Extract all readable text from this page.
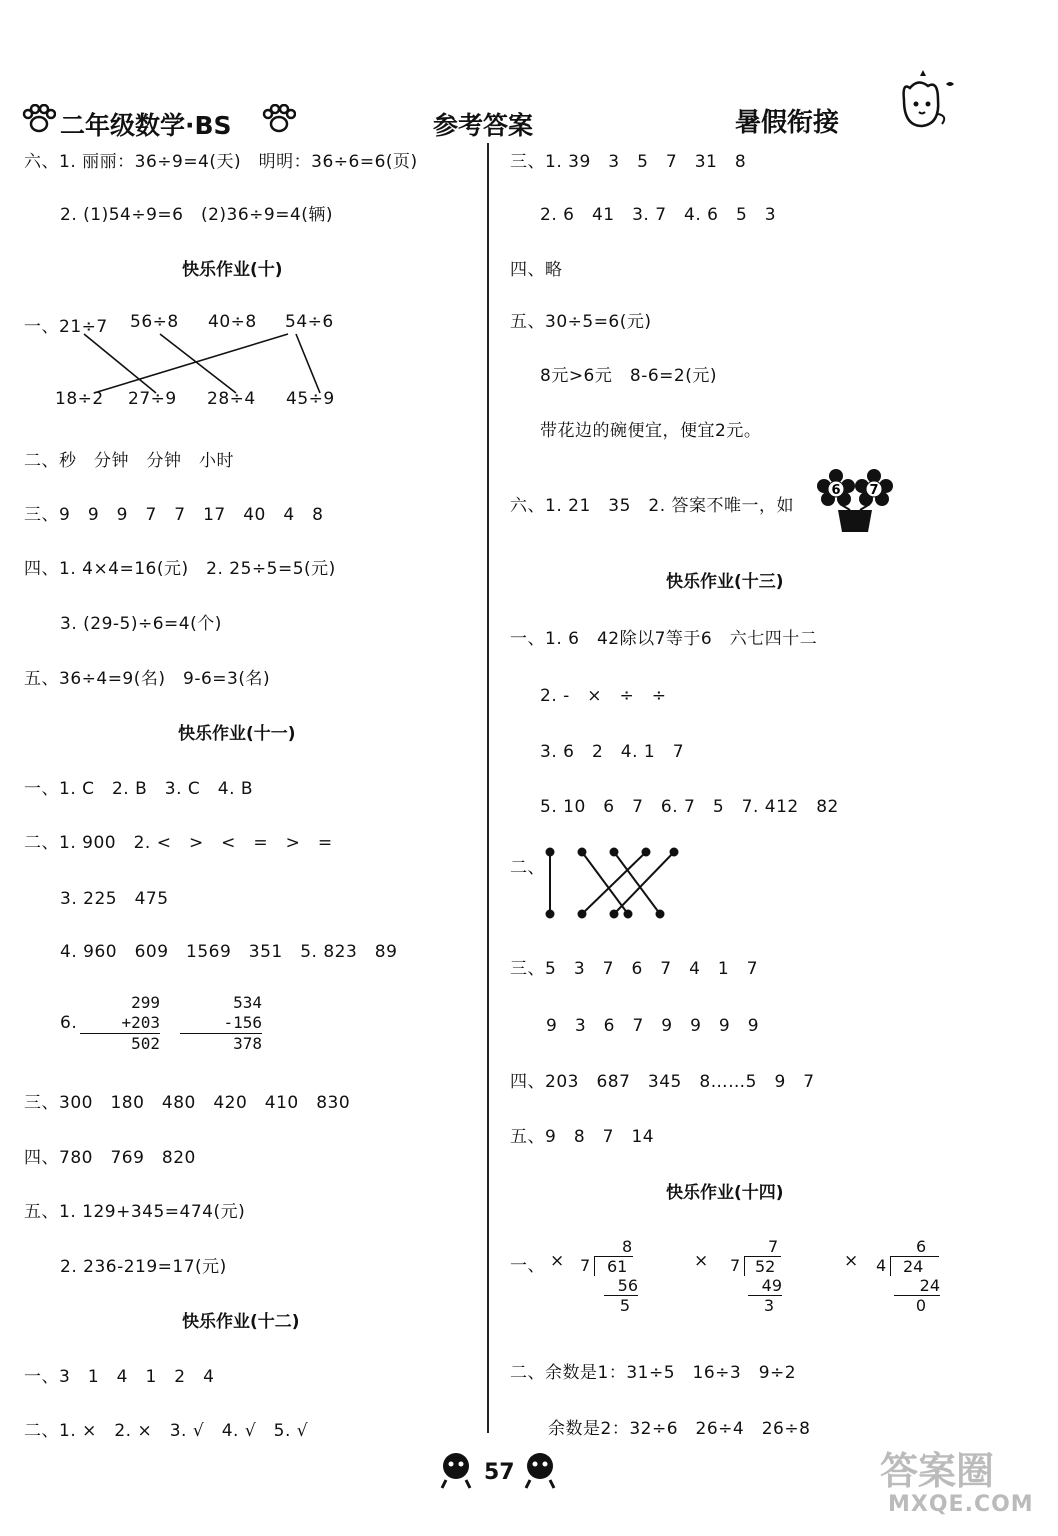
二年级数学·BS	参考答案	暑假衔接
六、1. 丽丽：36÷9=4(天)　明明：36÷6=6(页)
2. (1)54÷9=6　(2)36÷9=4(辆)
快乐作业(十)
一、21÷7 56÷8 40÷8 54÷6
18÷2 27÷9 28÷4 45÷9
二、秒　分钟　分钟　小时
三、9　9　9　7　7　17　40　4　8
四、1. 4×4=16(元)　2. 25÷5=5(元)
3. (29-5)÷6=4(个)
五、36÷4=9(名)　9-6=3(名)
快乐作业(十一)
一、1. C　2. B　3. C　4. B
二、1. 900　2. <　>　<　=　>　=
3. 225　475
4. 960　609　1569　351　5. 823　89
6.
299
+203
502
534
-156
378
三、300　180　480　420　410　830
四、780　769　820
五、1. 129+345=474(元)
2. 236-219=17(元)
快乐作业(十二)
一、3　1　4　1　2　4
二、1. ×　2. ×　3. √　4. √　5. √
三、1. 39　3　5　7　31　8
2. 6　41　3. 7　4. 6　5　3
四、略
五、30÷5=6(元)
8元>6元　8-6=2(元)
带花边的碗便宜，便宜2元。
六、1. 21　35　2. 答案不唯一，如
6 7
快乐作业(十三)
一、1. 6　42除以7等于6　六七四十二
2. -　×　÷　÷
3. 6　2　4. 1　7
5. 10　6　7　6. 7　5　7. 412　82
二、
三、5　3　7　6　7　4　1　7
9　3　6　7　9　9　9　9
四、203　687　345　8……5　9　7
五、9　8　7　14
快乐作业(十四)
一、 ×
8
7	61
56
5
×
7
7 52
49
3
×
6
4	24
24
0
二、余数是1：31÷5　16÷3　9÷2
余数是2：32÷6　26÷4　26÷8
57	答案圈
MXQE.COM
